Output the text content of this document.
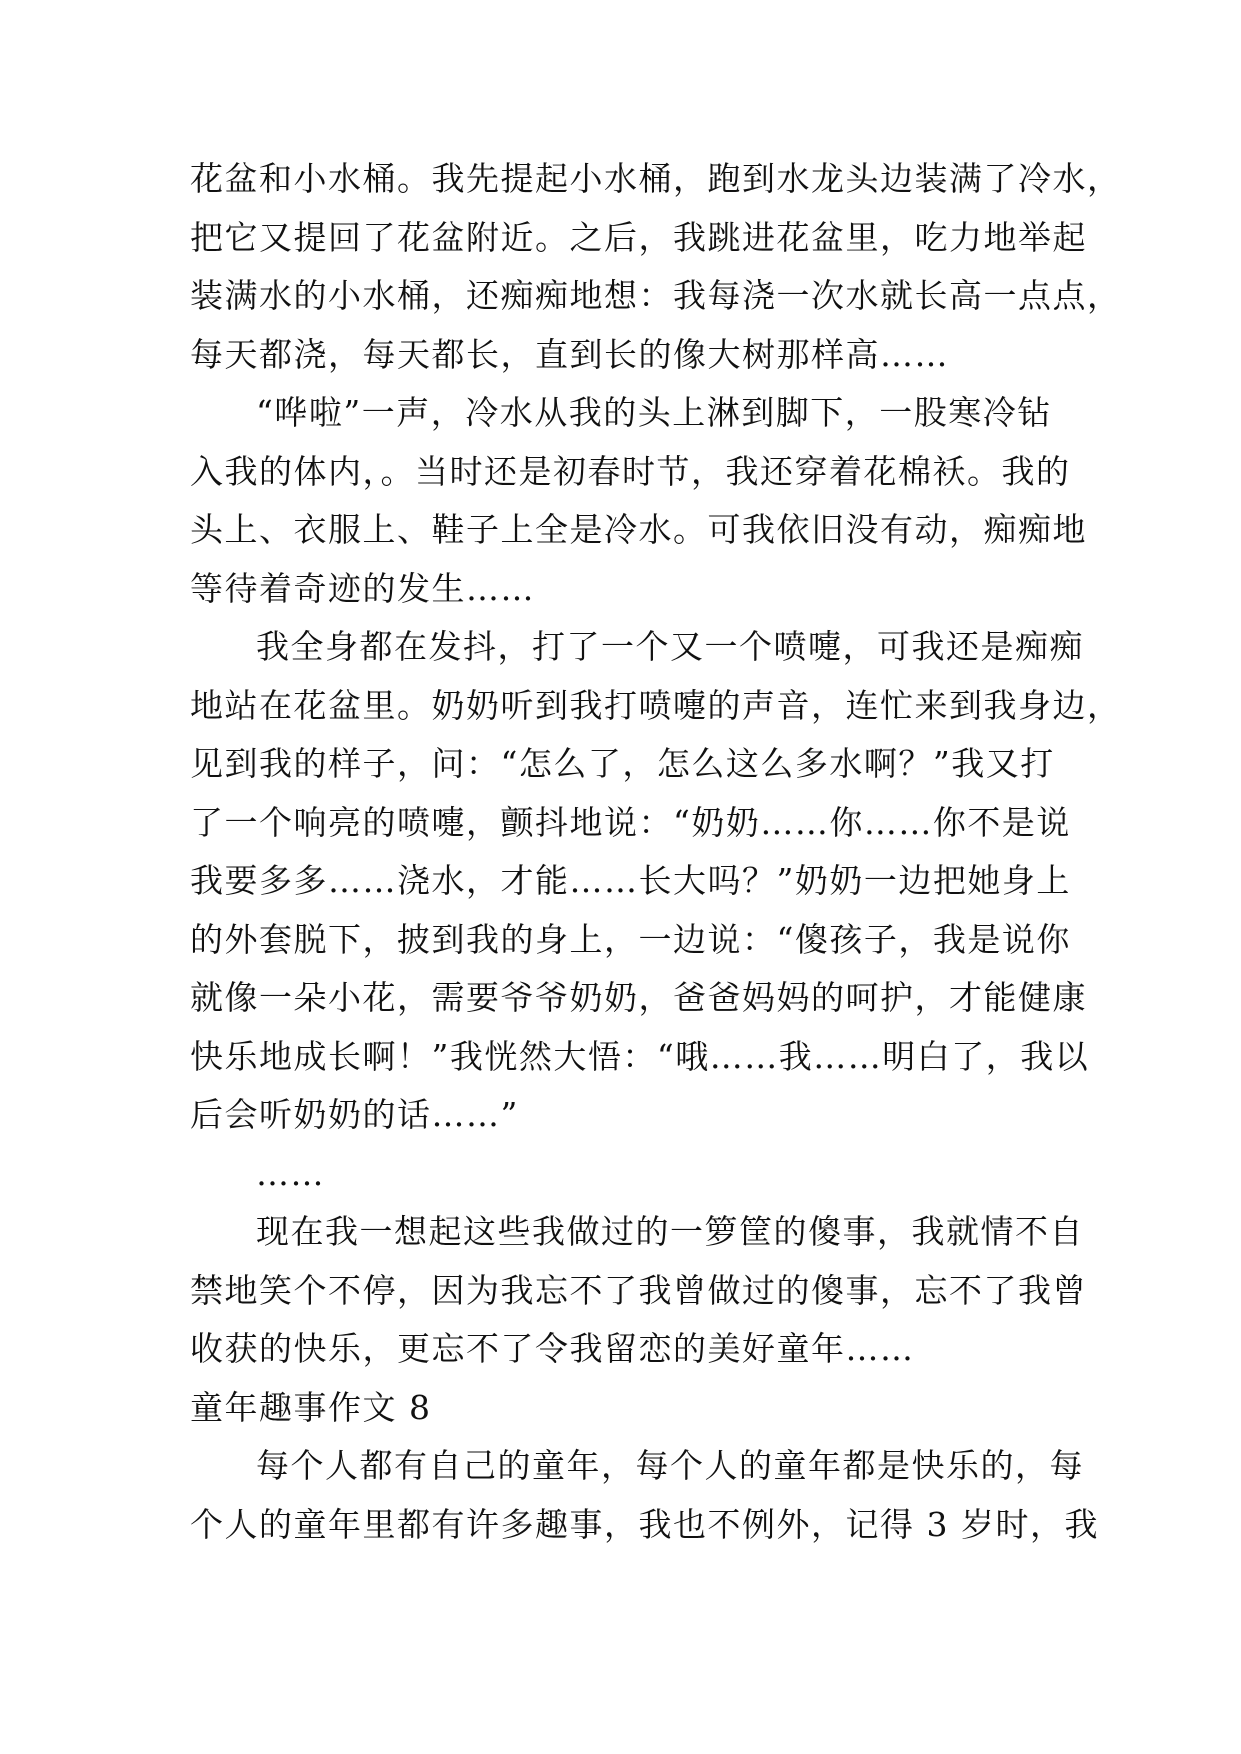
花盆和小水桶。我先提起小水桶，跑到水龙头边装满了冷水，
把它又提回了花盆附近。之后，我跳进花盆里，吃力地举起
装满水的小水桶，还痴痴地想：我每浇一次水就长高一点点，
每天都浇，每天都长，直到长的像大树那样高……
“哗啦”一声，冷水从我的头上淋到脚下，一股寒冷钻
入我的体内，。当时还是初春时节，我还穿着花棉袄。我的
头上、衣服上、鞋子上全是冷水。可我依旧没有动，痴痴地
等待着奇迹的发生……
我全身都在发抖，打了一个又一个喷嚏，可我还是痴痴
地站在花盆里。奶奶听到我打喷嚏的声音，连忙来到我身边，
见到我的样子，问：“怎么了，怎么这么多水啊？”我又打
了一个响亮的喷嚏，颤抖地说：“奶奶……你……你不是说
我要多多……浇水，才能……长大吗？”奶奶一边把她身上
的外套脱下，披到我的身上，一边说：“傻孩子，我是说你
就像一朵小花，需要爷爷奶奶，爸爸妈妈的呵护，才能健康
快乐地成长啊！”我恍然大悟：“哦……我……明白了，我以
后会听奶奶的话……”
……
现在我一想起这些我做过的一箩筐的傻事，我就情不自
禁地笑个不停，因为我忘不了我曾做过的傻事，忘不了我曾
收获的快乐，更忘不了令我留恋的美好童年……
童年趣事作文 8
每个人都有自己的童年，每个人的童年都是快乐的，每
个人的童年里都有许多趣事，我也不例外，记得 3 岁时，我
